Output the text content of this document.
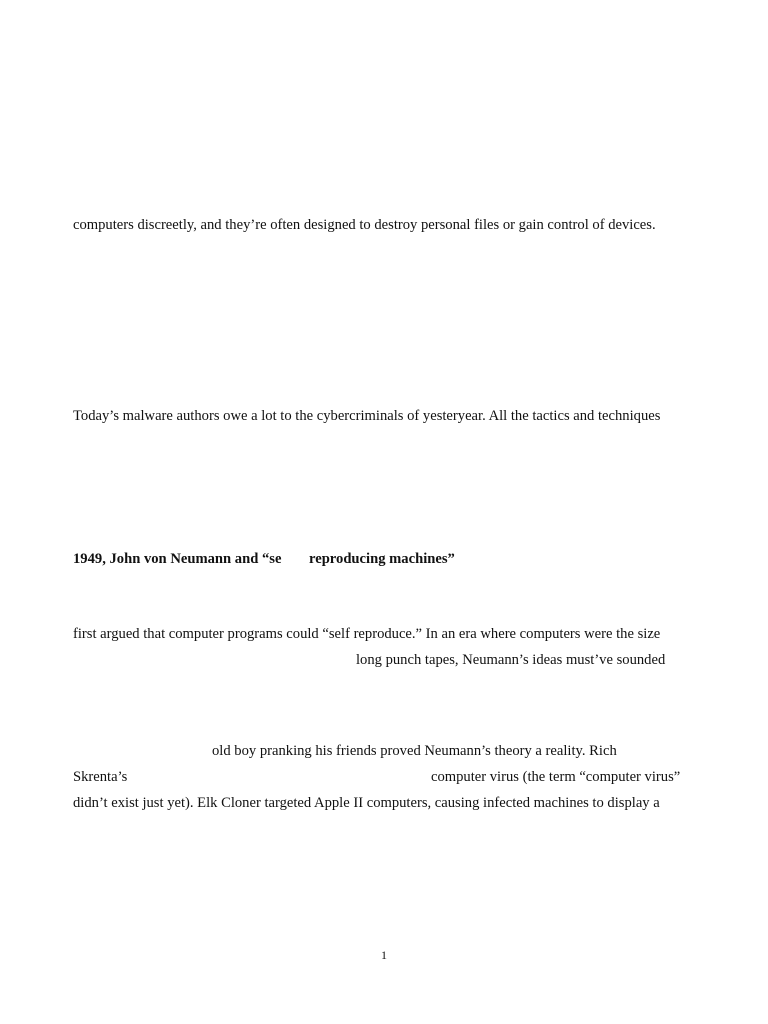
computers discreetly, and they’re often designed to destroy personal files or gain control of devices.
Today’s malware authors owe a lot to the cybercriminals of yesteryear. All the tactics and techniques
1949, John von Neumann and “se reproducing machines”
first argued that computer programs could “self reproduce.” In an era where computers were the size
long punch tapes, Neumann’s ideas must’ve sounded
old boy pranking his friends proved Neumann’s theory a reality. Rich
Skrenta’s	computer virus (the term “computer virus”
didn’t exist just yet). Elk Cloner targeted Apple II computers, causing infected machines to display a
1
